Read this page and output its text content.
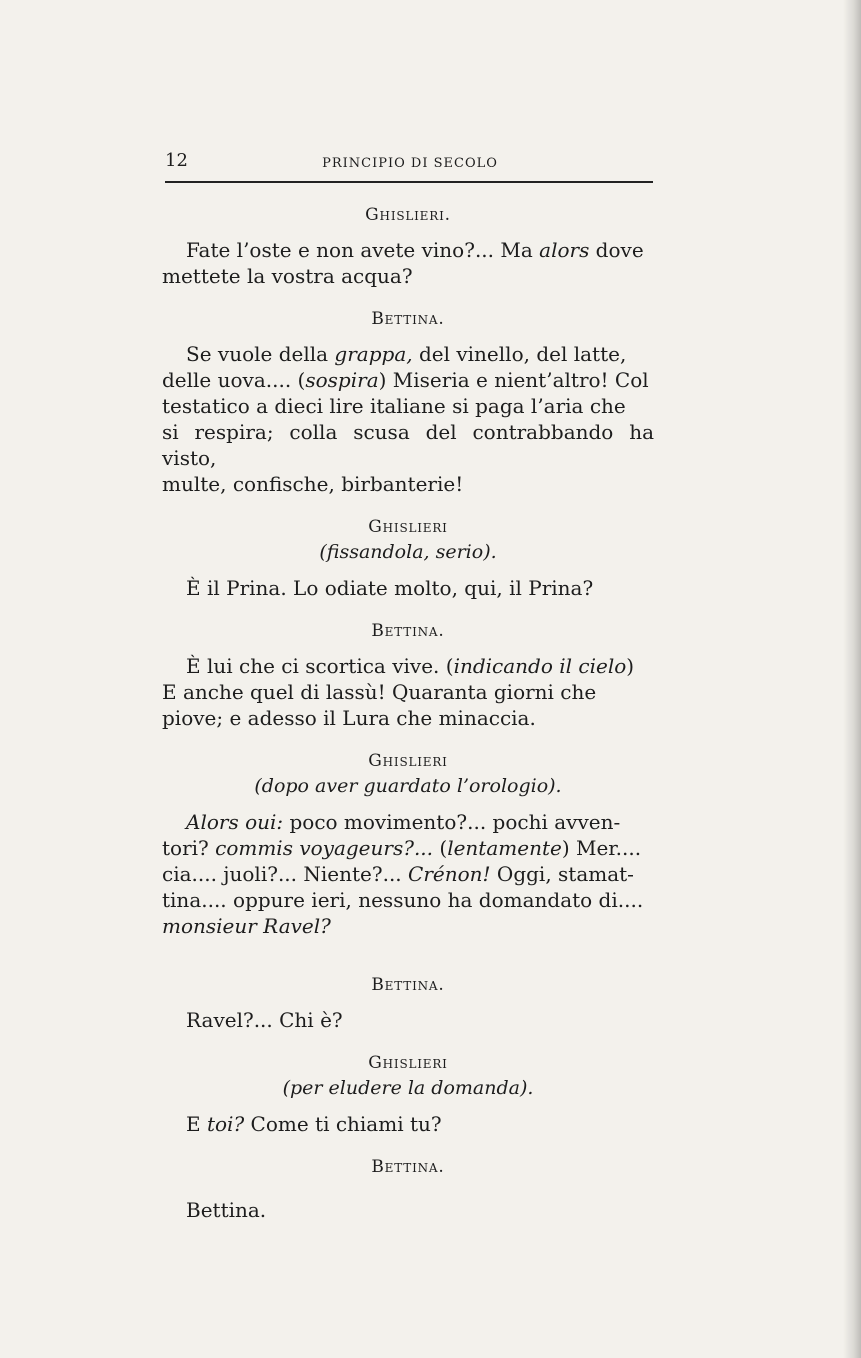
12	PRINCIPIO DI SECOLO

Ghislieri.

Fate l’oste e non avete vino?... Ma alors dove

mettete la vostra acqua?

Bettina.

Se vuole della grappa, del vinello, del latte,

delle uova.... (sospira) Miseria e nient’altro! Col

testatico a dieci lire italiane si paga l’aria che

si respira; colla scusa del contrabbando ha visto,

multe, confische, birbanterie!

Ghislieri

(fissandola, serio).

È il Prina. Lo odiate molto, qui, il Prina?

Bettina.

È lui che ci scortica vive. (indicando il cielo)

E anche quel di lassù! Quaranta giorni che

piove; e adesso il Lura che minaccia.

Ghislieri

(dopo aver guardato l’orologio).

Alors oui: poco movimento?... pochi avven-

tori? commis voyageurs?... (lentamente) Mer....

cia.... juoli?... Niente?... Crénon! Oggi, stamat-

tina.... oppure ieri, nessuno ha domandato di....

monsieur Ravel?

Bettina.

Ravel?... Chi è?

Ghislieri

(per eludere la domanda).

E toi? Come ti chiami tu?

Bettina.

Bettina.
